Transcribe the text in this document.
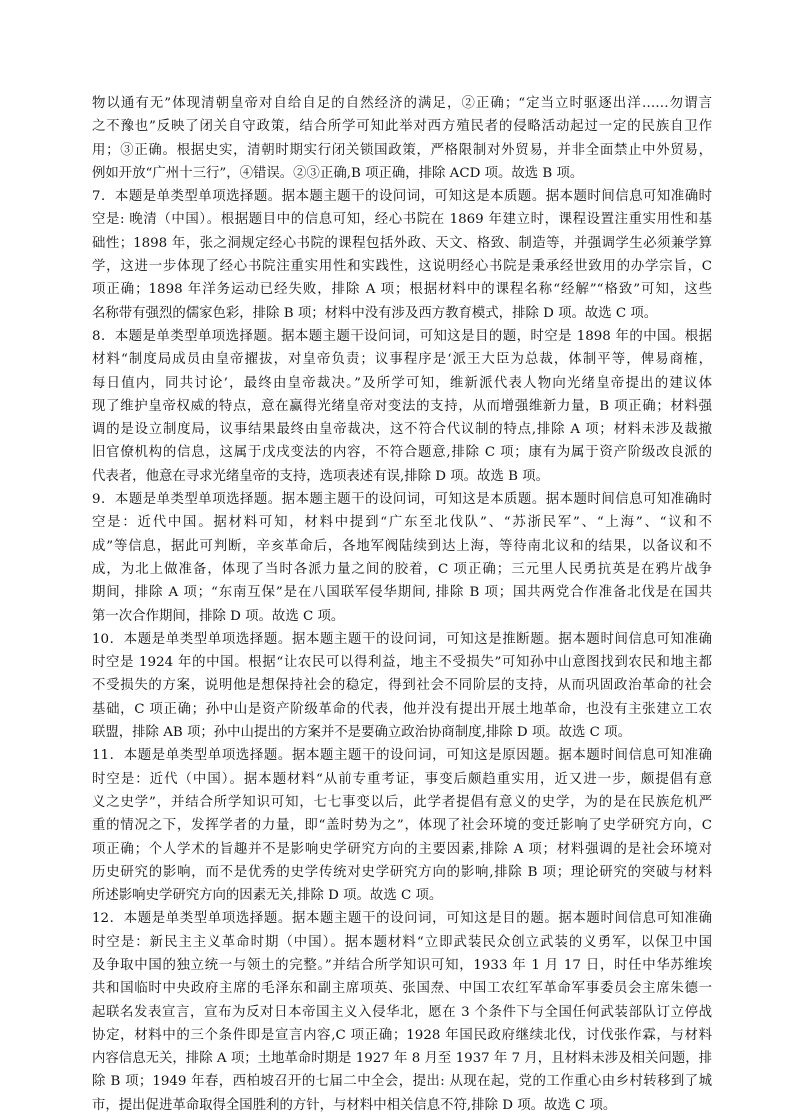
物以通有无”体现清朝皇帝对自给自足的自然经济的满足，②正确；“定当立时驱逐出洋……勿谓言
之不豫也”反映了闭关自守政策，结合所学可知此举对西方殖民者的侵略活动起过一定的民族自卫作
用；③正确。根据史实，清朝时期实行闭关锁国政策，严格限制对外贸易，并非全面禁止中外贸易，
例如开放“广州十三行”，④错误。②③正确,B 项正确，排除 ACD 项。故选 B 项。
7．本题是单类型单项选择题。据本题主题干的设问词，可知这是本质题。据本题时间信息可知准确时
空是: 晚清（中国）。根据题目中的信息可知，经心书院在 1869 年建立时，课程设置注重实用性和基
础性；1898 年，张之洞规定经心书院的课程包括外政、天文、格致、制造等，并强调学生必须兼学算
学，这进一步体现了经心书院注重实用性和实践性，这说明经心书院是秉承经世致用的办学宗旨，C
项正确；1898 年洋务运动已经失败，排除 A 项；根据材料中的课程名称“经解”“格致”可知，这些
名称带有强烈的儒家色彩，排除 B 项；材料中没有涉及西方教育模式，排除 D 项。故选 C 项。
8．本题是单类型单项选择题。据本题主题干设问词，可知这是目的题，时空是 1898 年的中国。根据
材料“制度局成员由皇帝擢拔，对皇帝负责；议事程序是‘派王大臣为总裁，体制平等，俾易商榷，
每日值内，同共讨论’，最终由皇帝裁决。”及所学可知，维新派代表人物向光绪皇帝提出的建议体
现了维护皇帝权威的特点，意在赢得光绪皇帝对变法的支持，从而增强维新力量，B 项正确；材料强
调的是设立制度局，议事结果最终由皇帝裁决，这不符合代议制的特点,排除 A 项；材料未涉及裁撤
旧官僚机构的信息，这属于戊戌变法的内容，不符合题意,排除 C 项；康有为属于资产阶级改良派的
代表者，他意在寻求光绪皇帝的支持，选项表述有误,排除 D 项。故选 B 项。
9．本题是单类型单项选择题。据本题主题干的设问词，可知这是本质题。据本题时间信息可知准确时
空是：近代中国。据材料可知，材料中提到“广东至北伐队”、“苏浙民军”、“上海”、“议和不
成”等信息，据此可判断，辛亥革命后，各地军阀陆续到达上海，等待南北议和的结果，以备议和不
成，为北上做准备，体现了当时各派力量之间的胶着，C 项正确；三元里人民勇抗英是在鸦片战争
期间，排除 A 项；“东南互保”是在八国联军侵华期间, 排除 B 项；国共两党合作准备北伐是在国共
第一次合作期间，排除 D 项。故选 C 项。
10．本题是单类型单项选择题。据本题主题干的设问词，可知这是推断题。据本题时间信息可知准确
时空是 1924 年的中国。根据“让农民可以得利益，地主不受损失”可知孙中山意图找到农民和地主都
不受损失的方案，说明他是想保持社会的稳定，得到社会不同阶层的支持，从而巩固政治革命的社会
基础，C 项正确；孙中山是资产阶级革命的代表，他并没有提出开展土地革命，也没有主张建立工农
联盟，排除 AB 项；孙中山提出的方案并不是要确立政治协商制度,排除 D 项。故选 C 项。
11．本题是单类型单项选择题。据本题主题干的设问词，可知这是原因题。据本题时间信息可知准确
时空是：近代（中国）。据本题材料“从前专重考证，事变后颇趋重实用，近又进一步，颇提倡有意
义之史学”，并结合所学知识可知，七七事变以后，此学者提倡有意义的史学，为的是在民族危机严
重的情况之下，发挥学者的力量，即“盖时势为之”，体现了社会环境的变迁影响了史学研究方向，C
项正确；个人学术的旨趣并不是影响史学研究方向的主要因素,排除 A 项；材料强调的是社会环境对
历史研究的影响，而不是优秀的史学传统对史学研究方向的影响,排除 B 项；理论研究的突破与材料
所述影响史学研究方向的因素无关,排除 D 项。故选 C 项。
12．本题是单类型单项选择题。据本题主题干的设问词，可知这是目的题。据本题时间信息可知准确
时空是：新民主主义革命时期（中国）。据本题材料“立即武装民众创立武装的义勇军，以保卫中国
及争取中国的独立统一与领土的完整。”并结合所学知识可知，1933 年 1 月 17 日，时任中华苏维埃
共和国临时中央政府主席的毛泽东和副主席项英、张国焘、中国工农红军革命军事委员会主席朱德一
起联名发表宣言，宣布为反对日本帝国主义入侵华北，愿在 3 个条件下与全国任何武装部队订立停战
协定，材料中的三个条件即是宣言内容,C 项正确；1928 年国民政府继续北伐，讨伐张作霖，与材料
内容信息无关，排除 A 项；土地革命时期是 1927 年 8 月至 1937 年 7 月，且材料未涉及相关问题，排
除 B 项；1949 年春，西柏坡召开的七届二中全会，提出: 从现在起，党的工作重心由乡村转移到了城
市，提出促进革命取得全国胜利的方针，与材料中相关信息不符,排除 D 项。故选 C 项。
